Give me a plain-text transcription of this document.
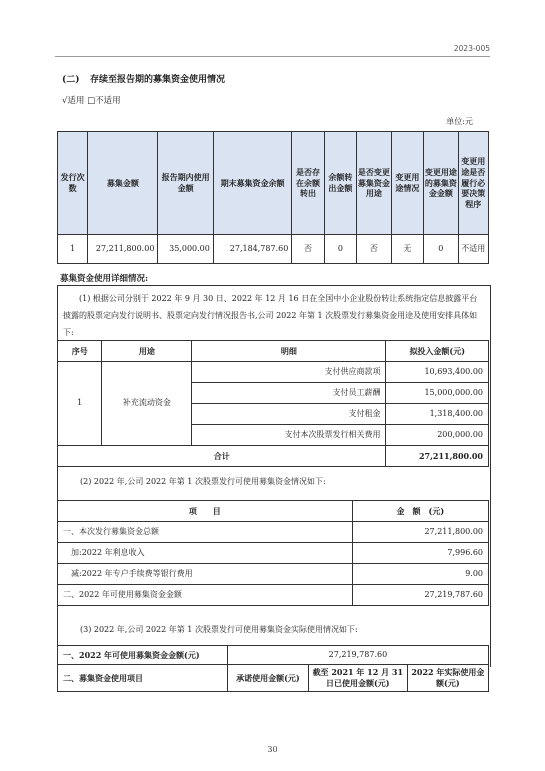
2023-005
(二) 存续至报告期的募集资金使用情况
√适用 □不适用
单位:元
发行次数	募集金额	报告期内使用金额	期末募集资金余额	是否存在余额转出	余额转出金额	是否变更募集资金用途	变更用途情况	变更用途的募集资金金额	变更用途是否履行必要决策程序
1	27,211,800.00	35,000.00	27,184,787.60	否	0	否	无	0	不适用
募集资金使用详细情况:
(1) 根据公司分别于 2022 年 9 月 30 日、2022 年 12 月 16 日在全国中小企业股份转让系统指定信息披露平台披露的股票定向发行说明书、股票定向发行情况报告书,公司 2022 年第 1 次股票发行募集资金用途及使用安排具体如下:
序号	用途	明细	拟投入金额(元)
1	补充流动资金	支付供应商款项	10,693,400.00
		支付员工薪酬	15,000,000.00
		支付租金	1,318,400.00
		支付本次股票发行相关费用	200,000.00
合计			27,211,800.00
(2) 2022 年,公司 2022 年第 1 次股票发行可使用募集资金情况如下:
项　　目	金　额　(元)
一、本次发行募集资金总额	27,211,800.00
　加:2022 年利息收入	7,996.60
　减:2022 年专户手续费等银行费用	9.00
二、2022 年可使用募集资金金额	27,219,787.60
(3) 2022 年,公司 2022 年第 1 次股票发行可使用募集资金实际使用情况如下:
一、2022 年可使用募集资金金额(元)	27,219,787.60		
二、募集资金使用项目	承诺使用金额(元)	截至 2021 年 12 月 31 日已使用金额(元)	2022 年实际使用金额(元)
30
